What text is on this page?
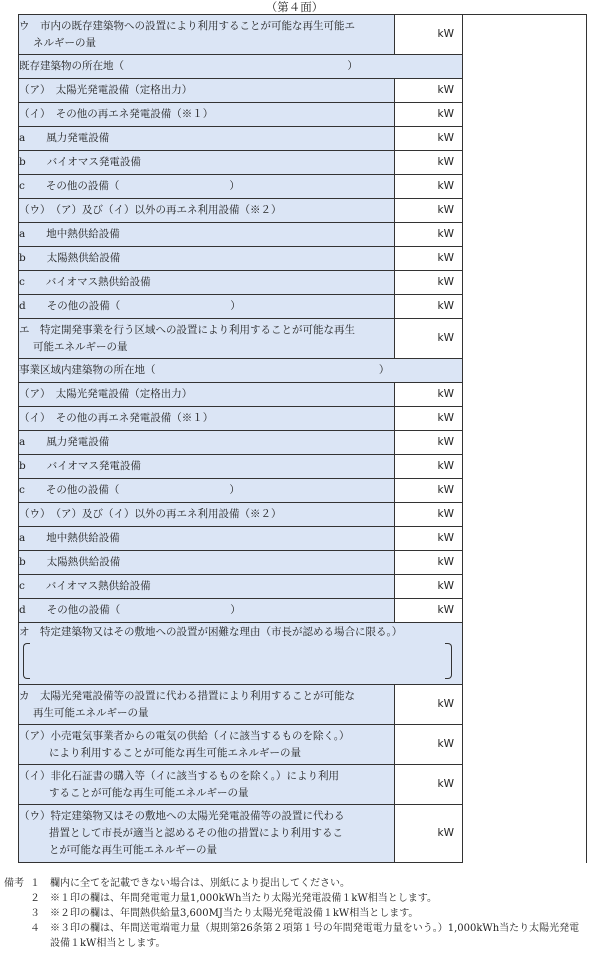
（第４面）
ウ　市内の既存建築物への設置により利用することが可能な再生可能エ
ネルギーの量	kW	
既存建築物の所在地（ ）		
（ア）　太陽光発電設備（定格出力）	kW	
（イ）　その他の再エネ発電設備（※１）	kW	
a　　風力発電設備	kW	
b　　バイオマス発電設備	kW	
c　　その他の設備（ ）	kW	
（ウ）　（ア）及び（イ）以外の再エネ利用設備（※２）	kW	
a　　地中熱供給設備	kW	
b　　太陽熱供給設備	kW	
c　　バイオマス熱供給設備	kW	
d　　その他の設備（ ）	kW	

エ　特定開発事業を行う区域への設置により利用することが可能な再生
可能エネルギーの量	kW	
事業区域内建築物の所在地（ ）		
（ア）　太陽光発電設備（定格出力）	kW	
（イ）　その他の再エネ発電設備（※１）	kW	
a　　風力発電設備	kW	
b　　バイオマス発電設備	kW	
c　　その他の設備（ ）	kW	
（ウ）　（ア）及び（イ）以外の再エネ利用設備（※２）	kW	
a　　地中熱供給設備	kW	
b　　太陽熱供給設備	kW	
c　　バイオマス熱供給設備	kW	
d　　その他の設備（ ）	kW	

オ　特定建築物又はその敷地への設置が困難な理由（市長が認める場合に限る。）		

カ　太陽光発電設備等の設置に代わる措置により利用することが可能な
再生可能エネルギーの量	kW	

（ア）小売電気事業者からの電気の供給（イに該当するものを除く。）
により利用することが可能な再生可能エネルギーの量	kW	

（イ）非化石証書の購入等（イに該当するものを除く。）により利用
することが可能な再生可能エネルギーの量	kW	

（ウ）特定建築物又はその敷地への太陽光発電設備等の設置に代わる
措置として市長が適当と認めるその他の措置により利用するこ
とが可能な再生可能エネルギーの量	kW	
備考 １ 欄内に全てを記載できない場合は、別紙により提出してください。
２ ※１印の欄は、年間発電電力量1,000kWh当たり太陽光発電設備１kW相当とします。
３ ※２印の欄は、年間熱供給量3,600MJ当たり太陽光発電設備１kW相当とします。
４ ※３印の欄は、年間送電端電力量（規則第26条第２項第１号の年間発電電力量をいう。）1,000kWh当たり太陽光発電設備１kW相当とします。
